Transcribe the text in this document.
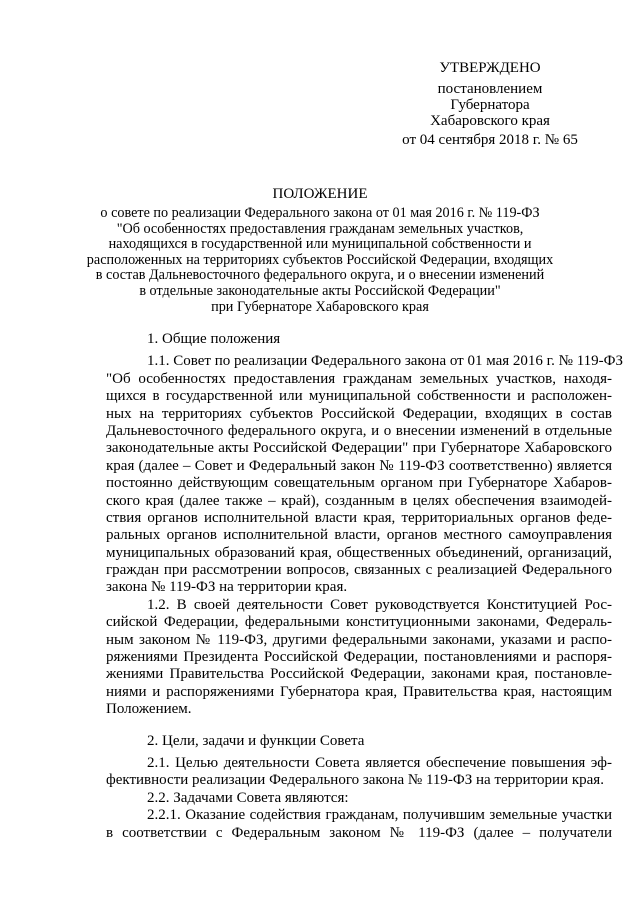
УТВЕРЖДЕНО
постановлением
Губернатора
Хабаровского края
от 04 сентября 2018 г. № 65
ПОЛОЖЕНИЕ
о совете по реализации Федерального закона от 01 мая 2016 г. № 119-ФЗ
"Об особенностях предоставления гражданам земельных участков,
находящихся в государственной или муниципальной собственности и
расположенных на территориях субъектов Российской Федерации, входящих
в состав Дальневосточного федерального округа, и о внесении изменений
в отдельные законодательные акты Российской Федерации"
при Губернаторе Хабаровского края
1. Общие положения
1.1. Совет по реализации Федерального закона от 01 мая 2016 г. № 119-ФЗ
"Об особенностях предоставления гражданам земельных участков, находя-
щихся в государственной или муниципальной собственности и расположен-
ных на территориях субъектов Российской Федерации, входящих в состав
Дальневосточного федерального округа, и о внесении изменений в отдельные
законодательные акты Российской Федерации" при Губернаторе Хабаровского
края (далее – Совет и Федеральный закон № 119-ФЗ соответственно) является
постоянно действующим совещательным органом при Губернаторе Хабаров-
ского края (далее также – край), созданным в целях обеспечения взаимодей-
ствия органов исполнительной власти края, территориальных органов феде-
ральных органов исполнительной власти, органов местного самоуправления
муниципальных образований края, общественных объединений, организаций,
граждан при рассмотрении вопросов, связанных с реализацией Федерального
закона № 119-ФЗ на территории края.
1.2. В своей деятельности Совет руководствуется Конституцией Рос-
сийской Федерации, федеральными конституционными законами, Федераль-
ным законом № 119-ФЗ, другими федеральными законами, указами и распо-
ряжениями Президента Российской Федерации, постановлениями и распоря-
жениями Правительства Российской Федерации, законами края, постановле-
ниями и распоряжениями Губернатора края, Правительства края, настоящим
Положением.
2. Цели, задачи и функции Совета
2.1. Целью деятельности Совета является обеспечение повышения эф-
фективности реализации Федерального закона № 119-ФЗ на территории края.
2.2. Задачами Совета являются:
2.2.1. Оказание содействия гражданам, получившим земельные участки
в соответствии с Федеральным законом № 119-ФЗ (далее – получатели
